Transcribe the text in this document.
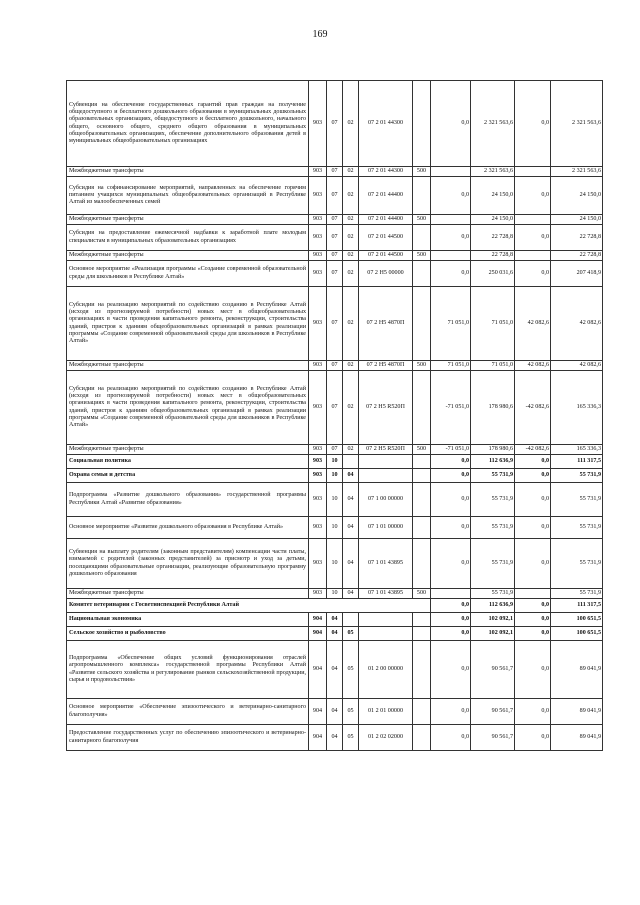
169
Субвенция на обеспечение государственных гарантий прав граждан на получение общедоступного и бесплатного дошкольного образования в муниципальных дошкольных образовательных организациях, общедоступного и бесплатного дошкольного, начального общего, основного общего, среднего общего образования в муниципальных общеобразовательных организациях, обеспечение дополнительного образования детей в муниципальных общеобразовательных организациях	903	07	02	07 2 01 44300		0,0	2 321 563,6	0,0	2 321 563,6
Межбюджетные трансферты	903	07	02	07 2 01 44300	500		2 321 563,6		2 321 563,6
Субсидия на софинансирование мероприятий, направленных на обеспечение горячим питанием учащихся муниципальных общеобразовательных организаций в Республике Алтай из малообеспеченных семей	903	07	02	07 2 01 44400		0,0	24 150,0	0,0	24 150,0
Межбюджетные трансферты	903	07	02	07 2 01 44400	500		24 150,0		24 150,0
Субсидия на предоставление ежемесячной надбавки к заработной плате молодым специалистам в муниципальных образовательных организациях	903	07	02	07 2 01 44500		0,0	22 728,8	0,0	22 728,8
Межбюджетные трансферты	903	07	02	07 2 01 44500	500		22 728,8		22 728,8
Основное мероприятие «Реализация программы «Создание современной образовательной среды для школьников в Республике Алтай»	903	07	02	07 2 Н5 00000		0,0	250 031,6	0,0	207 418,9
Субсидии на реализацию мероприятий по содействию созданию в Республике Алтай (исходя из прогнозируемой потребности) новых мест в общеобразовательных организациях в части проведения капитального ремонта, реконструкции, строительства зданий, пристроя к зданиям общеобразовательных организаций в рамках реализации программы «Создание современной образовательной среды для школьников в Республике Алтай»	903	07	02	07 2 Н5 4870П		71 051,0	71 051,0	42 082,6	42 082,6
Межбюджетные трансферты	903	07	02	07 2 Н5 4870П	500	71 051,0	71 051,0	42 082,6	42 082,6
Субсидии на реализацию мероприятий по содействию созданию в Республике Алтай (исходя из прогнозируемой потребности) новых мест в общеобразовательных организациях в части проведения капитального ремонта, реконструкции, строительства зданий, пристроя к зданиям общеобразовательных организаций в рамках реализации программы «Создание современной образовательной среды для школьников в Республике Алтай»	903	07	02	07 2 Н5 R520П		-71 051,0	178 980,6	-42 082,6	165 336,3
Межбюджетные трансферты	903	07	02	07 2 Н5 R520П	500	-71 051,0	178 980,6	-42 082,6	165 336,3
Социальная политика	903	10				0,0	112 636,9	0,0	111 317,5
Охрана семьи и детства	903	10	04			0,0	55 731,9	0,0	55 731,9
Подпрограмма «Развитие дошкольного образования» государственной программы Республики Алтай «Развитие образования»	903	10	04	07 1 00 00000		0,0	55 731,9	0,0	55 731,9
Основное мероприятие «Развитие дошкольного образования в Республике Алтай»	903	10	04	07 1 01 00000		0,0	55 731,9	0,0	55 731,9
Субвенция на выплату родителям (законным представителям) компенсации части платы, взимаемой с родителей (законных представителей) за присмотр и уход за детьми, посещающими образовательные организации, реализующие образовательную программу дошкольного образования	903	10	04	07 1 01 43895		0,0	55 731,9	0,0	55 731,9
Межбюджетные трансферты	903	10	04	07 1 01 43895	500		55 731,9		55 731,9
Комитет ветеринарии с Госветинспекцией Республики Алтай						0,0	112 636,9	0,0	111 317,5
Национальная экономика	904	04				0,0	102 092,1	0,0	100 651,5
Сельское хозяйство и рыболовство	904	04	05			0,0	102 092,1	0,0	100 651,5
Подпрограмма «Обеспечение общих условий функционирования отраслей агропромышленного комплекса» государственной программы Республики Алтай «Развитие сельского хозяйства и регулирование рынков сельскохозяйственной продукции, сырья и продовольствия»	904	04	05	01 2 00 00000		0,0	90 561,7	0,0	89 041,9
Основное мероприятие «Обеспечение эпизоотического и ветеринарно-санитарного благополучия»	904	04	05	01 2 01 00000		0,0	90 561,7	0,0	89 041,9
Предоставление государственных услуг по обеспечению эпизоотического и ветеринарно-санитарного благополучия	904	04	05	01 2 02 02000		0,0	90 561,7	0,0	89 041,9
